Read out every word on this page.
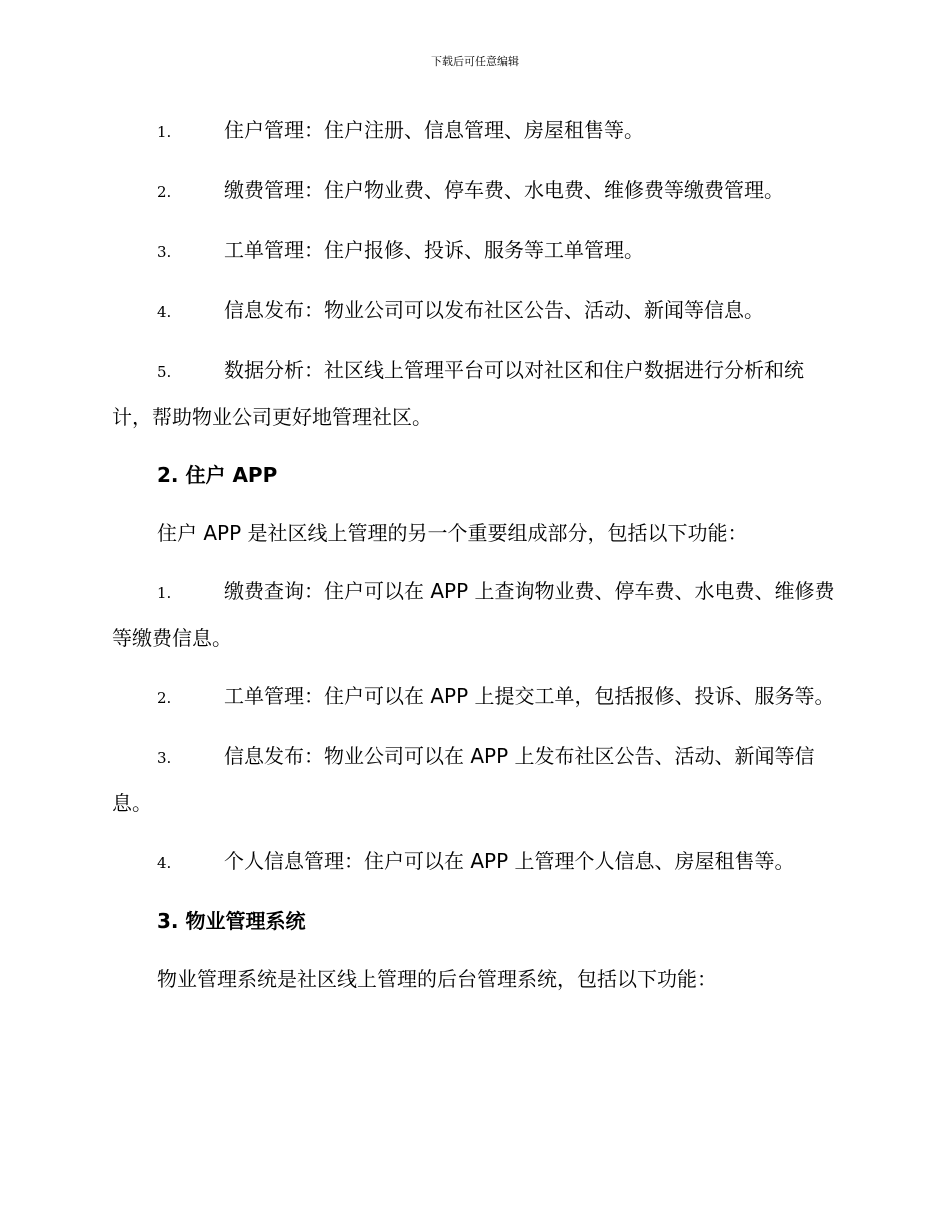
下载后可任意编辑

1.	住户管理：住户注册、信息管理、房屋租售等。

2.	缴费管理：住户物业费、停车费、水电费、维修费等缴费管理。

3.	工单管理：住户报修、投诉、服务等工单管理。

4.	信息发布：物业公司可以发布社区公告、活动、新闻等信息。

5.	数据分析：社区线上管理平台可以对社区和住户数据进行分析和统计，帮助物业公司更好地管理社区。

2. 住户 APP

住户 APP 是社区线上管理的另一个重要组成部分，包括以下功能：

1.	缴费查询：住户可以在 APP 上查询物业费、停车费、水电费、维修费等缴费信息。

2.	工单管理：住户可以在 APP 上提交工单，包括报修、投诉、服务等。

3.	信息发布：物业公司可以在 APP 上发布社区公告、活动、新闻等信息。

4.	个人信息管理：住户可以在 APP 上管理个人信息、房屋租售等。

3. 物业管理系统

物业管理系统是社区线上管理的后台管理系统，包括以下功能：
